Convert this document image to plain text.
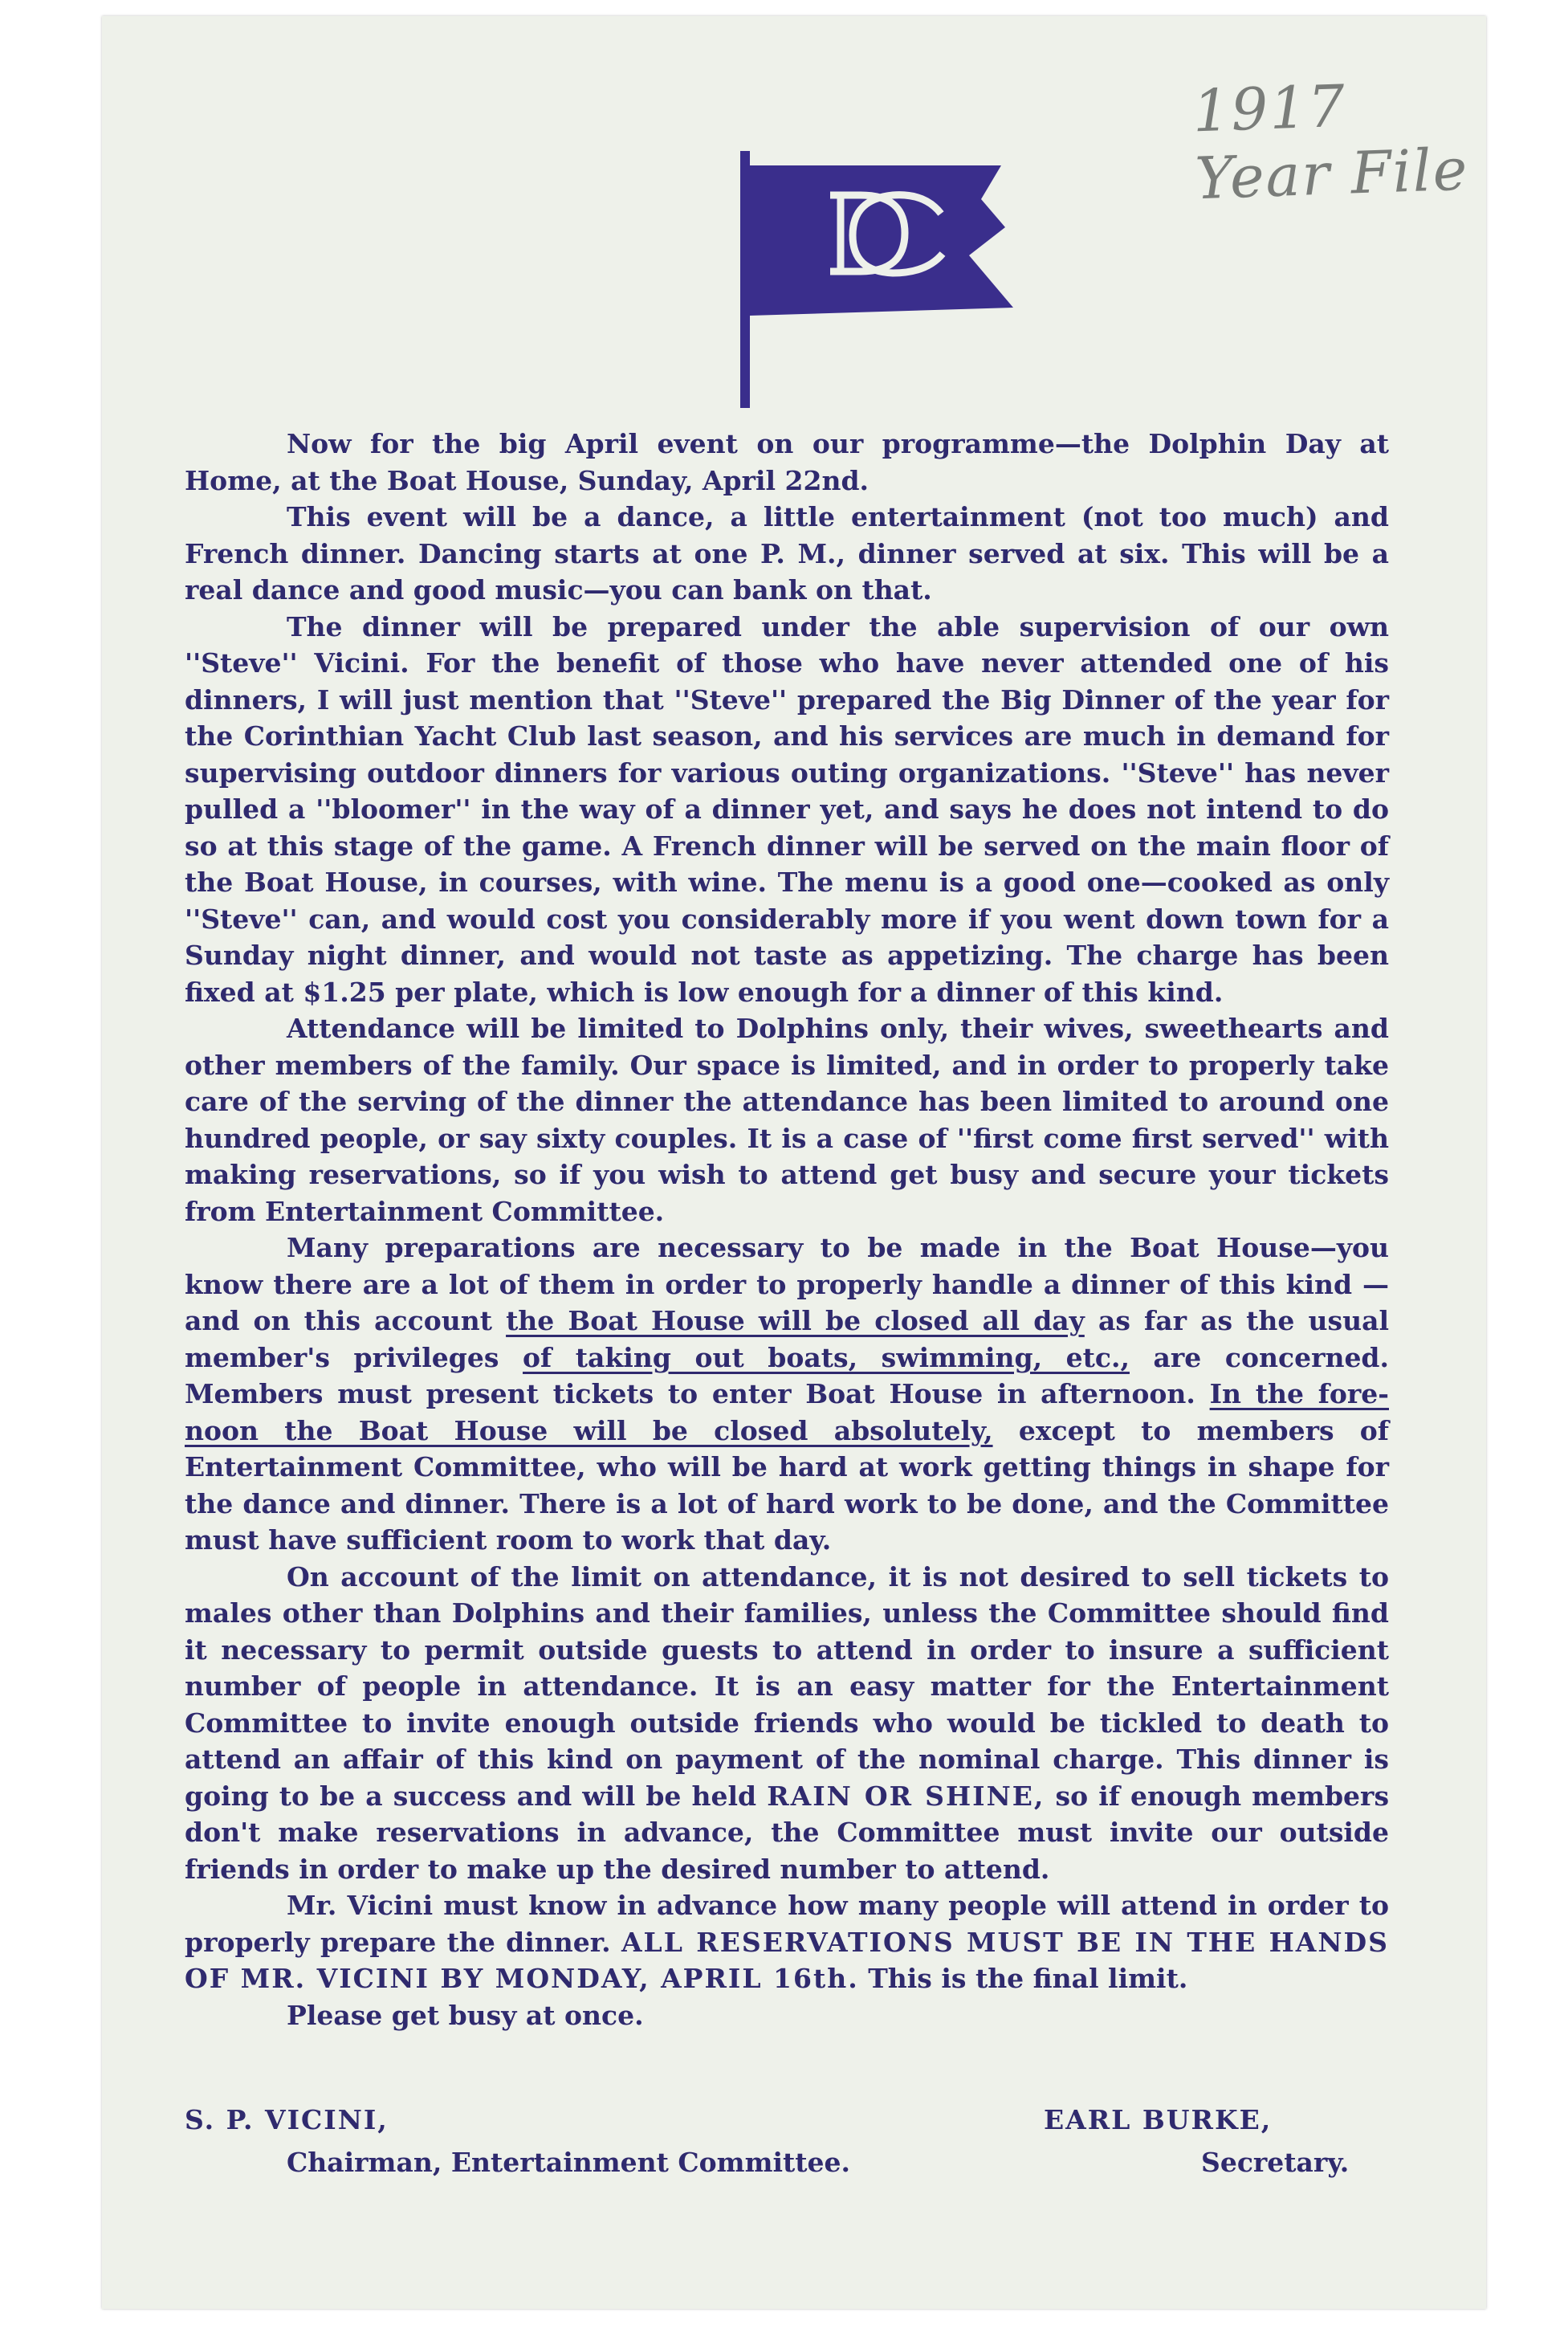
1917 Year File

Now for the big April event on our programme—the Dolphin Day at Home, at the Boat House, Sunday, April 22nd.

This event will be a dance, a little entertainment (not too much) and French dinner. Dancing starts at one P. M., dinner served at six. This will be a real dance and good music—you can bank on that.

The dinner will be prepared under the able supervision of our own ''Steve'' Vicini. For the benefit of those who have never attended one of his dinners, I will just mention that ''Steve'' prepared the Big Dinner of the year for the Corinthian Yacht Club last season, and his services are much in demand for supervising outdoor dinners for various outing organizations. ''Steve'' has never pulled a ''bloomer'' in the way of a dinner yet, and says he does not intend to do so at this stage of the game. A French dinner will be served on the main floor of the Boat House, in courses, with wine. The menu is a good one—cooked as only ''Steve'' can, and would cost you considerably more if you went down town for a Sunday night dinner, and would not taste as appetizing. The charge has been fixed at $1.25 per plate, which is low enough for a dinner of this kind.

Attendance will be limited to Dolphins only, their wives, sweethearts and other members of the family. Our space is limited, and in order to properly take care of the serving of the dinner the attendance has been limited to around one hundred people, or say sixty couples. It is a case of ''first come first served'' with making reservations, so if you wish to attend get busy and secure your tickets from Entertainment Committee.

Many preparations are necessary to be made in the Boat House—you know there are a lot of them in order to properly handle a dinner of this kind —and on this account the Boat House will be closed all day as far as the usual member's privileges of taking out boats, swimming, etc., are concerned. Members must present tickets to enter Boat House in afternoon. In the fore-noon the Boat House will be closed absolutely, except to members of Entertainment Committee, who will be hard at work getting things in shape for the dance and dinner. There is a lot of hard work to be done, and the Committee must have sufficient room to work that day.

On account of the limit on attendance, it is not desired to sell tickets to males other than Dolphins and their families, unless the Committee should find it necessary to permit outside guests to attend in order to insure a sufficient number of people in attendance. It is an easy matter for the Entertainment Committee to invite enough outside friends who would be tickled to death to attend an affair of this kind on payment of the nominal charge. This dinner is going to be a success and will be held RAIN OR SHINE, so if enough members don't make reservations in advance, the Committee must invite our outside friends in order to make up the desired number to attend.

Mr. Vicini must know in advance how many people will attend in order to properly prepare the dinner. ALL RESERVATIONS MUST BE IN THE HANDS OF MR. VICINI BY MONDAY, APRIL 16th. This is the final limit.

Please get busy at once.

S. P. VICINI,	EARL BURKE,
Chairman, Entertainment Committee.	Secretary.
